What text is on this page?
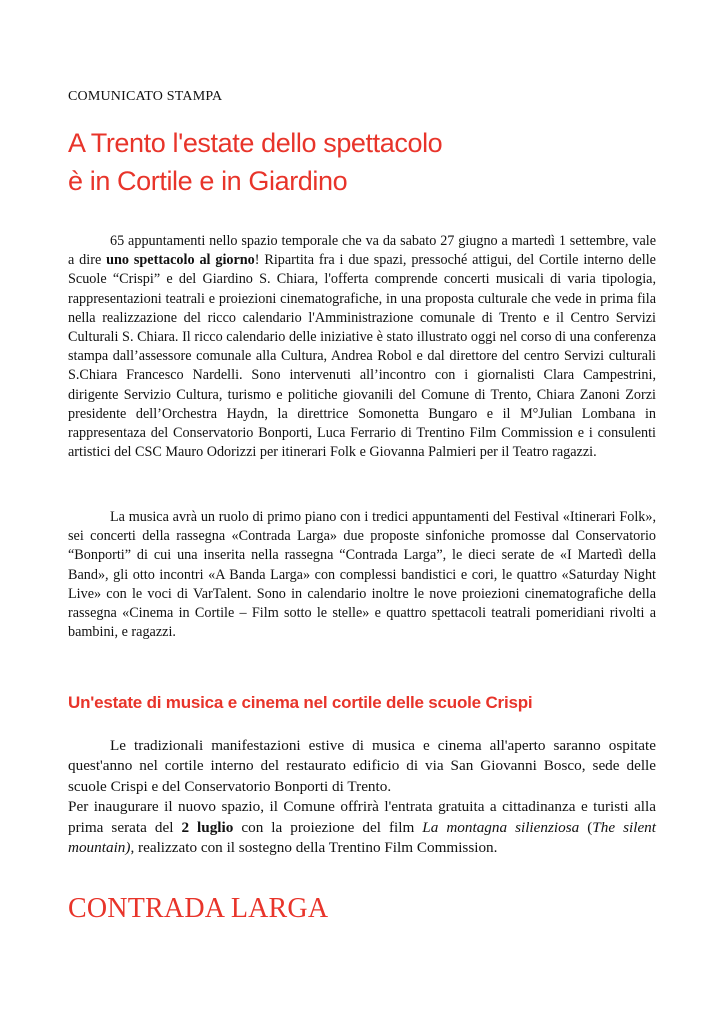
COMUNICATO STAMPA
A Trento l'estate dello spettacolo
è in Cortile e in Giardino

65 appuntamenti nello spazio temporale che va da sabato 27 giugno a martedì 1 settembre, vale a dire uno spettacolo al giorno! Ripartita fra i due spazi, pressoché attigui, del Cortile interno delle Scuole “Crispi” e del Giardino S. Chiara, l'offerta comprende concerti musicali di varia tipologia, rappresentazioni teatrali e proiezioni cinematografiche, in una proposta culturale che vede in prima fila nella realizzazione del ricco calendario l'Amministrazione comunale di Trento e il Centro Servizi Culturali S. Chiara. Il ricco calendario delle iniziative è stato illustrato oggi nel corso di una conferenza stampa dall’assessore comunale alla Cultura, Andrea Robol e dal direttore del centro Servizi culturali S.Chiara Francesco Nardelli. Sono intervenuti all’incontro con i giornalisti Clara Campestrini, dirigente Servizio Cultura, turismo e politiche giovanili del Comune di Trento, Chiara Zanoni Zorzi presidente dell’Orchestra Haydn, la direttrice Somonetta Bungaro e il M°Julian Lombana in rappresentaza del Conservatorio Bonporti, Luca Ferrario di Trentino Film Commission e i consulenti artistici del CSC Mauro Odorizzi per itinerari Folk e Giovanna Palmieri per il Teatro ragazzi.

La musica avrà un ruolo di primo piano con i tredici appuntamenti del Festival «Itinerari Folk», sei concerti della rassegna «Contrada Larga» due proposte sinfoniche promosse dal Conservatorio “Bonporti” di cui una inserita nella rassegna “Contrada Larga”, le dieci serate de «I Martedì della Band», gli otto incontri «A Banda Larga» con complessi bandistici e cori, le quattro «Saturday Night Live» con le voci di VarTalent. Sono in calendario inoltre le nove proiezioni cinematografiche della rassegna «Cinema in Cortile – Film sotto le stelle» e quattro spettacoli teatrali pomeridiani rivolti a bambini, e ragazzi.

Un'estate di musica e cinema nel cortile delle scuole Crispi

Le tradizionali manifestazioni estive di musica e cinema all'aperto saranno ospitate quest'anno nel cortile interno del restaurato edificio di via San Giovanni Bosco, sede delle scuole Crispi e del Conservatorio Bonporti di Trento.

Per inaugurare il nuovo spazio, il Comune offrirà l'entrata gratuita a cittadinanza e turisti alla prima serata del 2 luglio con la proiezione del film La montagna silienziosa (The silent mountain), realizzato con il sostegno della Trentino Film Commission.

CONTRADA LARGA
